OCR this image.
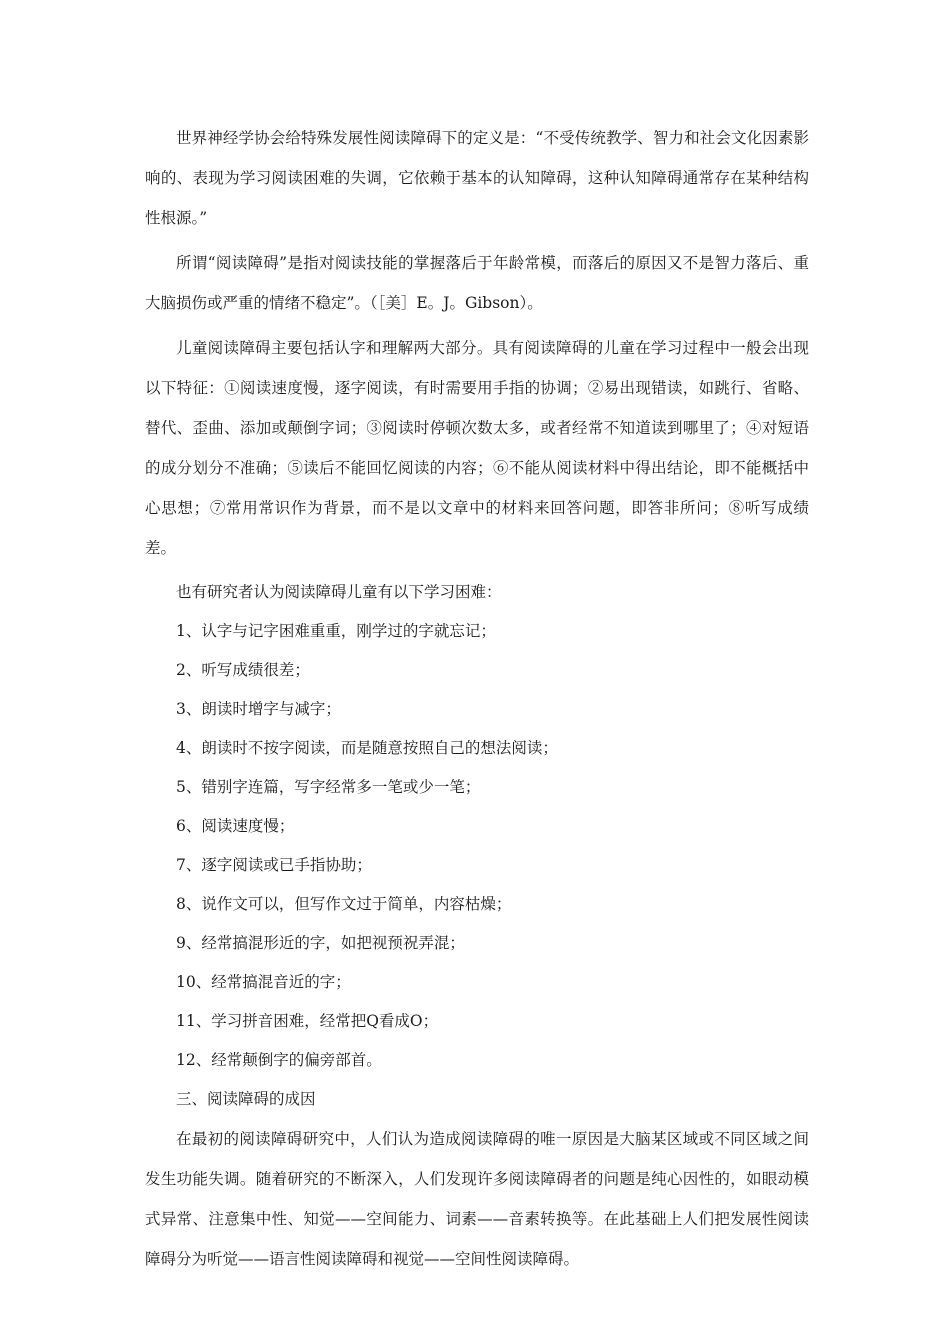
世界神经学协会给特殊发展性阅读障碍下的定义是：“不受传统教学、智力和社会文化因素影响的、表现为学习阅读困难的失调，它依赖于基本的认知障碍，这种认知障碍通常存在某种结构性根源。”

所谓“阅读障碍”是指对阅读技能的掌握落后于年龄常模，而落后的原因又不是智力落后、重大脑损伤或严重的情绪不稳定”。（［美］E。J。Gibson）。

儿童阅读障碍主要包括认字和理解两大部分。具有阅读障碍的儿童在学习过程中一般会出现以下特征：①阅读速度慢，逐字阅读，有时需要用手指的协调；②易出现错读，如跳行、省略、替代、歪曲、添加或颠倒字词；③阅读时停顿次数太多，或者经常不知道读到哪里了；④对短语的成分划分不准确；⑤读后不能回忆阅读的内容；⑥不能从阅读材料中得出结论，即不能概括中心思想；⑦常用常识作为背景，而不是以文章中的材料来回答问题，即答非所问；⑧听写成绩差。

也有研究者认为阅读障碍儿童有以下学习困难：

1、认字与记字困难重重，刚学过的字就忘记；
2、听写成绩很差；
3、朗读时增字与减字；
4、朗读时不按字阅读，而是随意按照自己的想法阅读；
5、错别字连篇，写字经常多一笔或少一笔；
6、阅读速度慢；
7、逐字阅读或已手指协助；
8、说作文可以，但写作文过于简单，内容枯燥；
9、经常搞混形近的字，如把视预祝弄混；
10、经常搞混音近的字；
11、学习拼音困难，经常把Q看成O；
12、经常颠倒字的偏旁部首。

三、阅读障碍的成因

在最初的阅读障碍研究中，人们认为造成阅读障碍的唯一原因是大脑某区域或不同区域之间发生功能失调。随着研究的不断深入，人们发现许多阅读障碍者的问题是纯心因性的，如眼动模式异常、注意集中性、知觉——空间能力、词素——音素转换等。在此基础上人们把发展性阅读障碍分为听觉——语言性阅读障碍和视觉——空间性阅读障碍。
